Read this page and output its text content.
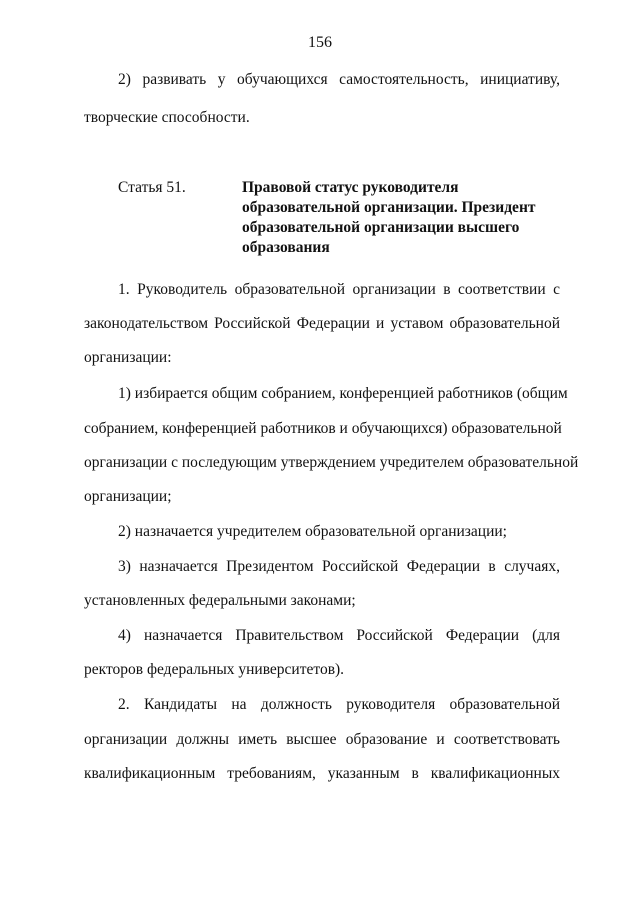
156
2) развивать у обучающихся самостоятельность, инициативу,
творческие способности.
Статья 51.	Правовой статус руководителя
образовательной организации. Президент
образовательной организации высшего
образования
1. Руководитель образовательной организации в соответствии с
законодательством Российской Федерации и уставом образовательной
организации:
1) избирается общим собранием, конференцией работников (общим
собранием, конференцией работников и обучающихся) образовательной
организации с последующим утверждением учредителем образовательной
организации;
2) назначается учредителем образовательной организации;
3) назначается Президентом Российской Федерации в случаях,
установленных федеральными законами;
4) назначается Правительством Российской Федерации (для
ректоров федеральных университетов).
2. Кандидаты на должность руководителя образовательной
организации должны иметь высшее образование и соответствовать
квалификационным требованиям, указанным в квалификационных
